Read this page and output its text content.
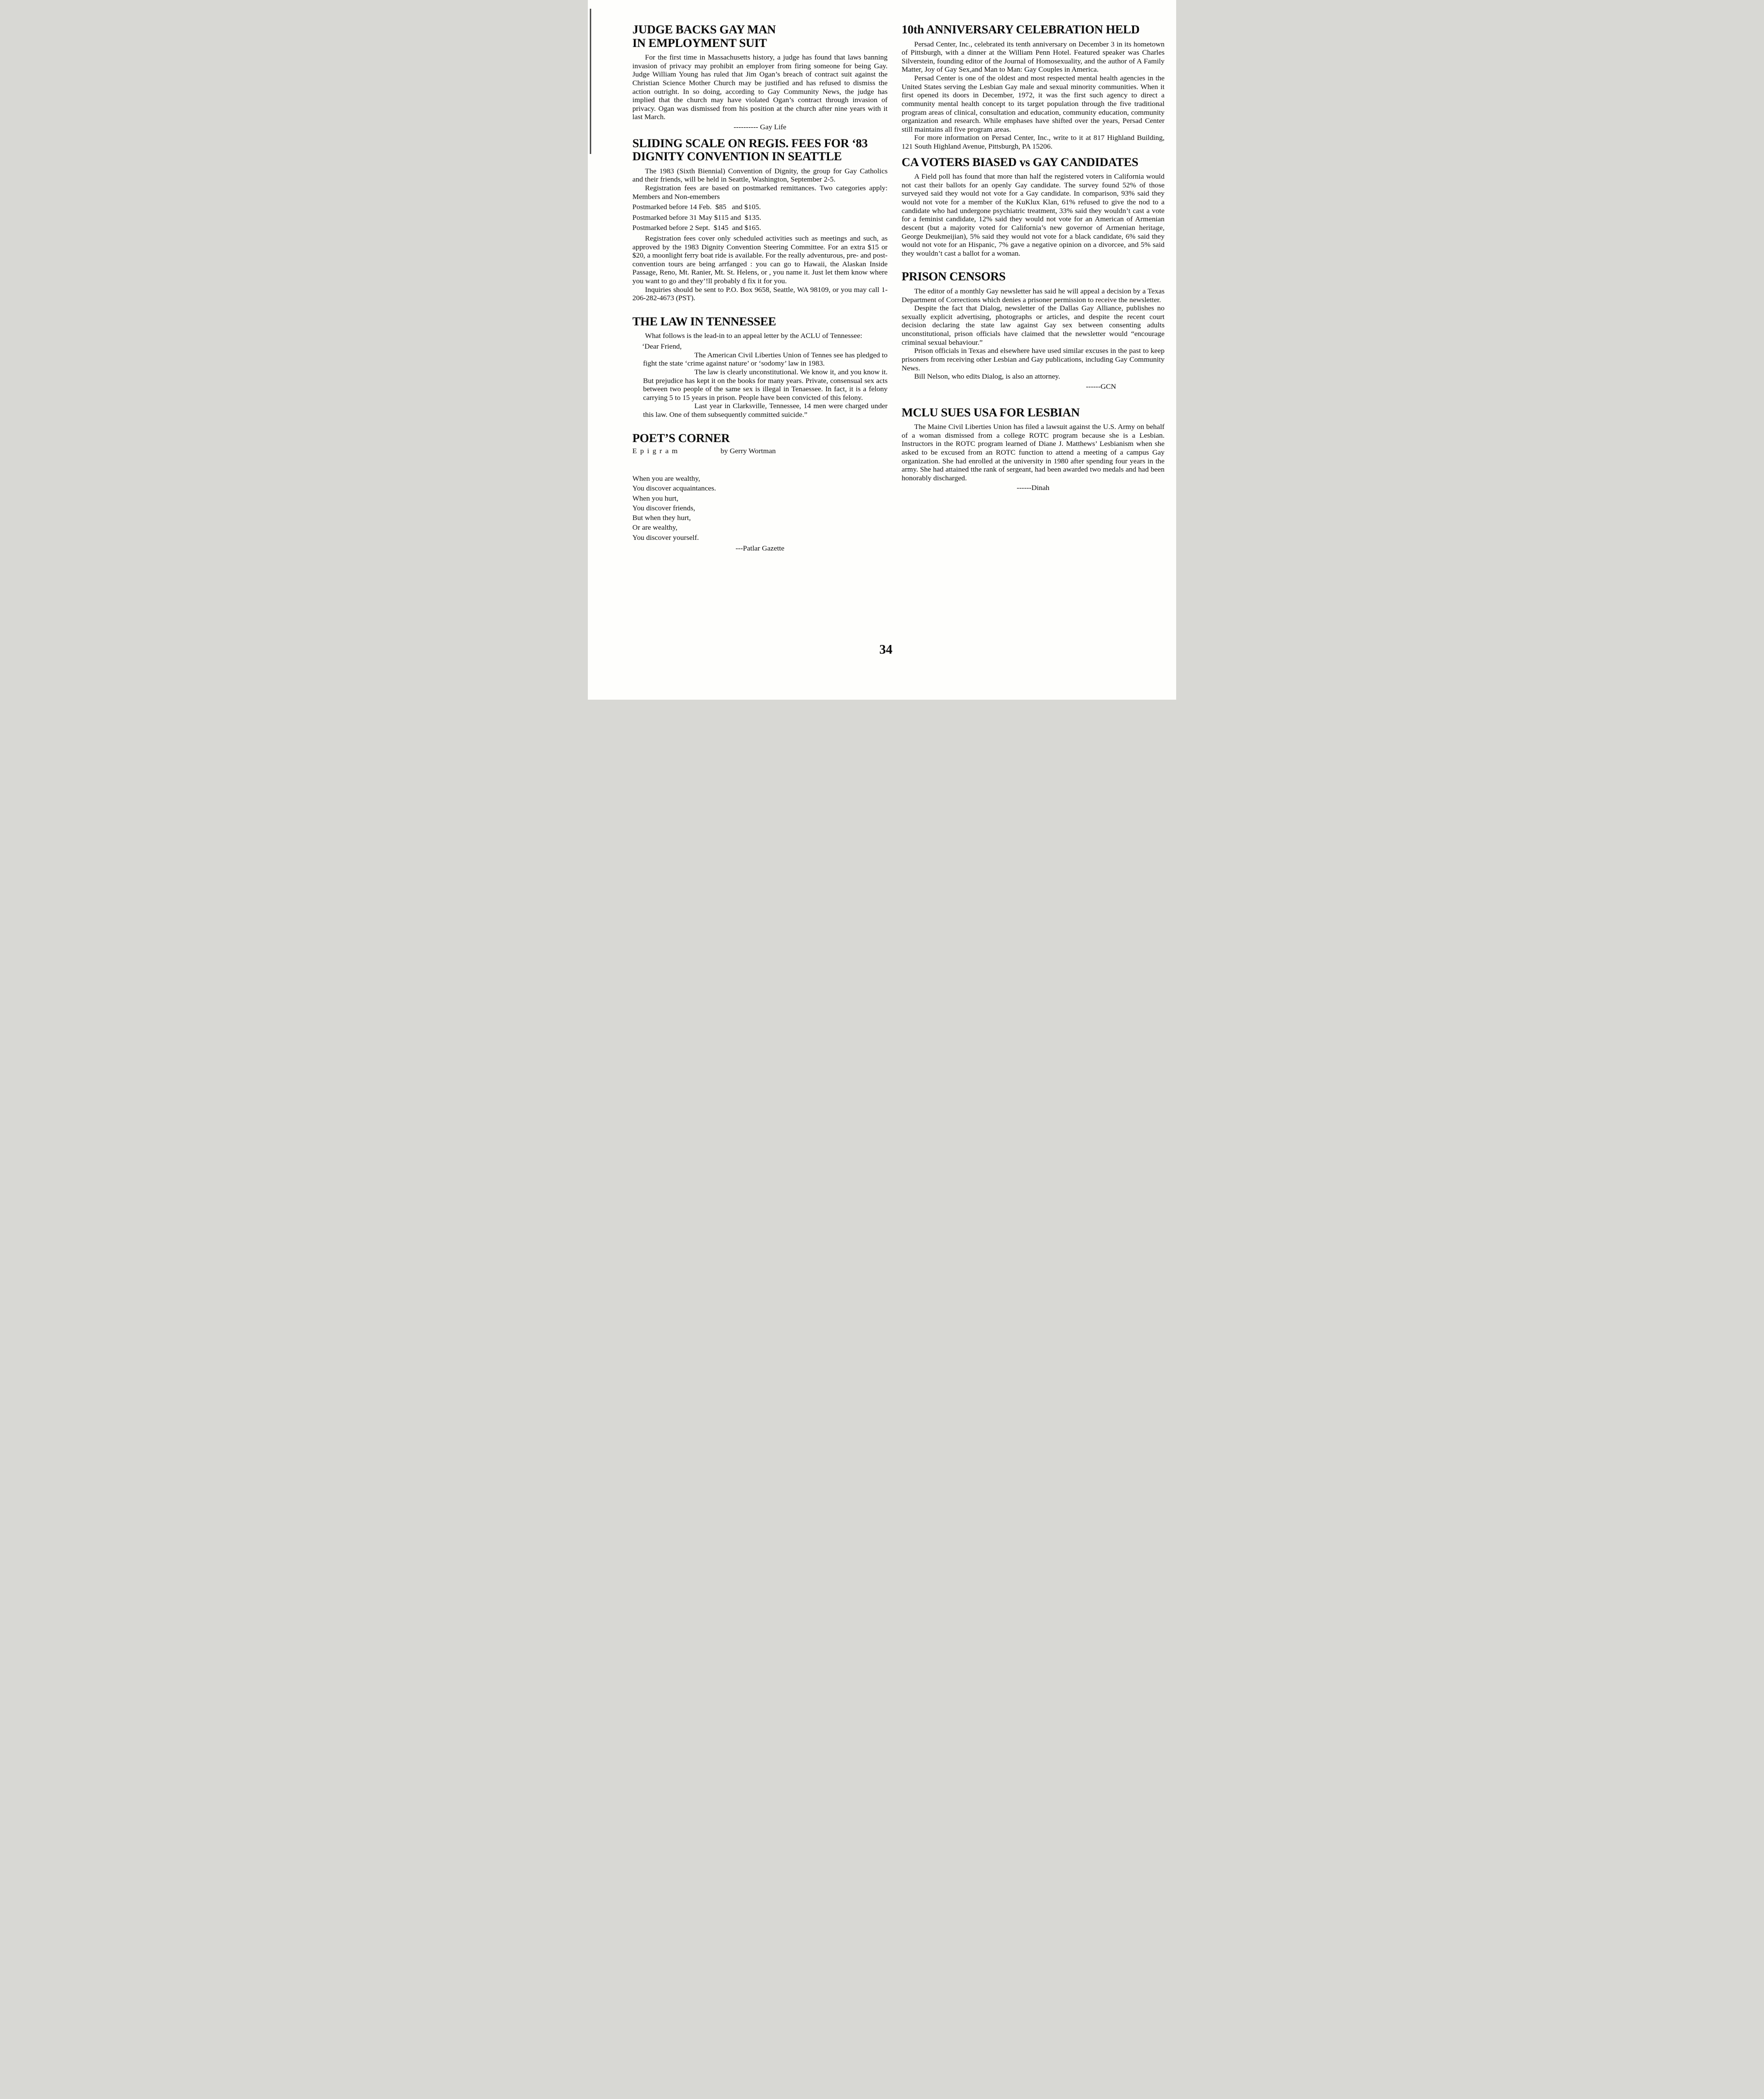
JUDGE BACKS GAY MAN
IN EMPLOYMENT SUIT

For the first time in Massachusetts history, a judge has found that laws banning invasion of privacy may prohibit an employer from firing someone for being Gay. Judge William Young has ruled that Jim Ogan’s breach of contract suit against the Christian Science Mother Church may be justified and has refused to dismiss the action outright. In so doing, according to Gay Community News, the judge has implied that the church may have violated Ogan’s contract through invasion of privacy. Ogan was dismissed from his position at the church after nine years with it last March.

---------- Gay Life
SLIDING SCALE ON REGIS. FEES FOR ‘83
DIGNITY CONVENTION IN SEATTLE

The 1983 (Sixth Biennial) Convention of Dignity, the group for Gay Catholics and their friends, will be held in Seattle, Washington, September 2-5.

Registration fees are based on postmarked remittances. Two categories apply: Members and Non-emembers

Postmarked before 14 Feb.  $85   and $105.
Postmarked before 31 May $115 and  $135.
Postmarked before 2 Sept.  $145  and $165.

Registration fees cover only scheduled activities such as meetings and such, as approved by the 1983 Dignity Convention Steering Committee. For an extra $15 or $20, a moonlight ferry boat ride is available. For the really adventurous, pre- and post-convention tours are being arrfanged : you can go to Hawaii, the Alaskan Inside Passage, Reno, Mt. Ranier, Mt. St. Helens, or , you name it. Just let them know where you want to go and they’!ll probably d fix it for you.

Inquiries should be sent to P.O. Box 9658, Seattle, WA 98109, or you may call 1-206-282-4673 (PST).

THE LAW IN TENNESSEE

What follows is the lead-in to an appeal letter by the ACLU of Tennessee:

‘Dear Friend,

The American Civil Liberties Union of Tennes see has pledged to fight the state ‘crime against nature’ or ‘sodomy’ law in 1983.

The law is clearly unconstitutional. We know it, and you know it. But prejudice has kept it on the books for many years. Private, consensual sex acts between two people of the same sex is illegal in Tenaessee. In fact, it is a felony carrying 5 to 15 years in prison. People have been convicted of this felony.

Last year in Clarksville, Tennessee, 14 men were charged under this law. One of them subsequently committed suicide.”

POET’S CORNER
Epigram	by Gerry Wortman
When you are wealthy,
You discover acquaintances.
When you hurt,
You discover friends,
But when they hurt,
Or are wealthy,
You discover yourself.
---Patlar Gazette
10th ANNIVERSARY CELEBRATION HELD

Persad Center, Inc., celebrated its tenth anniversary on December 3 in its hometown of Pittsburgh, with a dinner at the William Penn Hotel. Featured speaker was Charles Silverstein, founding editor of the Journal of Homosexuality, and the author of A Family Matter, Joy of Gay Sex,and Man to Man: Gay Couples in America.

Persad Center is one of the oldest and most respected mental health agencies in the United States serving the Lesbian Gay male and sexual minority communities. When it first opened its doors in December, 1972, it was the first such agency to direct a community mental health concept to its target population through the five traditional program areas of clinical, consultation and education, community education, community organization and research. While emphases have shifted over the years, Persad Center still maintains all five program areas.

For more information on Persad Center, Inc., write to it at 817 Highland Building, 121 South Highland Avenue, Pittsburgh, PA 15206.

CA VOTERS BIASED vs GAY CANDIDATES

A Field poll has found that more than half the registered voters in California would not cast their ballots for an openly Gay candidate. The survey found 52% of those surveyed said they would not vote for a Gay candidate. In comparison, 93% said they would not vote for a member of the KuKlux Klan, 61% refused to give the nod to a candidate who had undergone psychiatric treatment, 33% said they wouldn’t cast a vote for a feminist candidate, 12% said they would not vote for an American of Armenian descent (but a majority voted for California’s new governor of Armenian heritage, George Deukmeijian), 5% said they would not vote for a black candidate, 6% said they would not vote for an Hispanic, 7% gave a negative opinion on a divorcee, and 5% said they wouldn’t cast a ballot for a woman.

PRISON CENSORS

The editor of a monthly Gay newsletter has said he will appeal a decision by a Texas Department of Corrections which denies a prisoner permission to receive the newsletter.

Despite the fact that Dialog, newsletter of the Dallas Gay Alliance, publishes no sexually explicit advertising, photographs or articles, and despite the recent court decision declaring the state law against Gay sex between consenting adults unconstitutional, prison officials have claimed that the newsletter would “encourage criminal sexual behaviour.”

Prison officials in Texas and elsewhere have used similar excuses in the past to keep prisoners from receiving other Lesbian and Gay publications, including Gay Community News.

Bill Nelson, who edits Dialog, is also an attorney.

------GCN
MCLU SUES USA FOR LESBIAN

The Maine Civil Liberties Union has filed a lawsuit against the U.S. Army on behalf of a woman dismissed from a college ROTC program because she is a Lesbian. Instructors in the ROTC program learned of Diane J. Matthews’ Lesbianism when she asked to be excused from an ROTC function to attend a meeting of a campus Gay organization. She had enrolled at the university in 1980 after spending four years in the army. She had attained tthe rank of sergeant, had been awarded two medals and had been honorably discharged.

------Dinah
34
